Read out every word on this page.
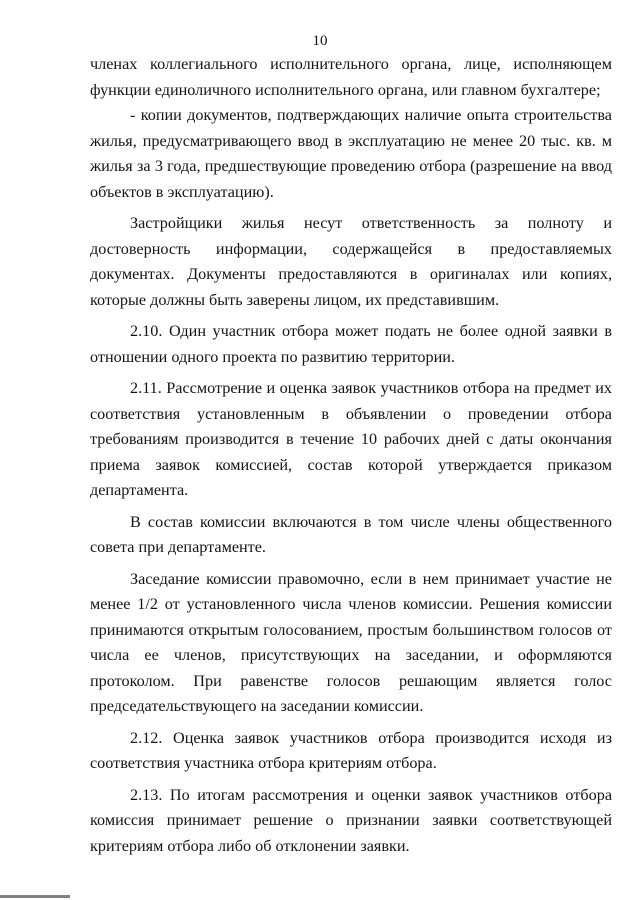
10

членах коллегиального исполнительного органа, лице, исполняющем функции единоличного исполнительного органа, или главном бухгалтере;

- копии документов, подтверждающих наличие опыта строительства жилья, предусматривающего ввод в эксплуатацию не менее 20 тыс. кв. м жилья за 3 года, предшествующие проведению отбора (разрешение на ввод объектов в эксплуатацию).

Застройщики жилья несут ответственность за полноту и достоверность информации, содержащейся в предоставляемых документах. Документы предоставляются в оригиналах или копиях, которые должны быть заверены лицом, их представившим.

2.10. Один участник отбора может подать не более одной заявки в отношении одного проекта по развитию территории.

2.11. Рассмотрение и оценка заявок участников отбора на предмет их соответствия установленным в объявлении о проведении отбора требованиям производится в течение 10 рабочих дней с даты окончания приема заявок комиссией, состав которой утверждается приказом департамента.

В состав комиссии включаются в том числе члены общественного совета при департаменте.

Заседание комиссии правомочно, если в нем принимает участие не менее 1/2 от установленного числа членов комиссии. Решения комиссии принимаются открытым голосованием, простым большинством голосов от числа ее членов, присутствующих на заседании, и оформляются протоколом. При равенстве голосов решающим является голос председательствующего на заседании комиссии.

2.12. Оценка заявок участников отбора производится исходя из соответствия участника отбора критериям отбора.

2.13. По итогам рассмотрения и оценки заявок участников отбора комиссия принимает решение о признании заявки соответствующей критериям отбора либо об отклонении заявки.
